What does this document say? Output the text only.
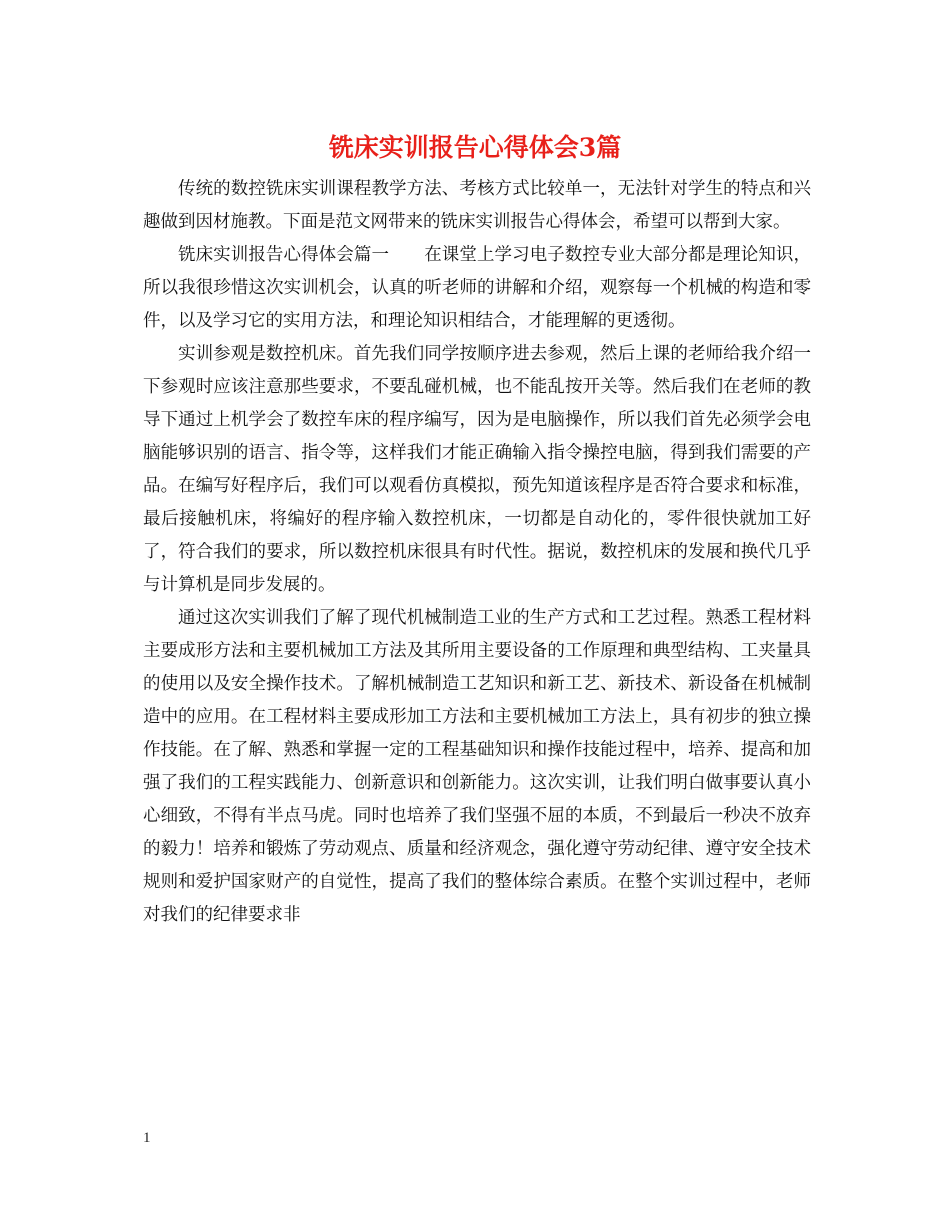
铣床实训报告心得体会3篇

传统的数控铣床实训课程教学方法、考核方式比较单一，无法针对学生的特点和兴趣做到因材施教。下面是范文网带来的铣床实训报告心得体会，希望可以帮到大家。

铣床实训报告心得体会篇一　　在课堂上学习电子数控专业大部分都是理论知识，所以我很珍惜这次实训机会，认真的听老师的讲解和介绍，观察每一个机械的构造和零件，以及学习它的实用方法，和理论知识相结合，才能理解的更透彻。

实训参观是数控机床。首先我们同学按顺序进去参观，然后上课的老师给我介绍一下参观时应该注意那些要求，不要乱碰机械，也不能乱按开关等。然后我们在老师的教导下通过上机学会了数控车床的程序编写，因为是电脑操作，所以我们首先必须学会电脑能够识别的语言、指令等，这样我们才能正确输入指令操控电脑，得到我们需要的产品。在编写好程序后，我们可以观看仿真模拟，预先知道该程序是否符合要求和标准，最后接触机床，将编好的程序输入数控机床，一切都是自动化的，零件很快就加工好了，符合我们的要求，所以数控机床很具有时代性。据说，数控机床的发展和换代几乎与计算机是同步发展的。

通过这次实训我们了解了现代机械制造工业的生产方式和工艺过程。熟悉工程材料主要成形方法和主要机械加工方法及其所用主要设备的工作原理和典型结构、工夹量具的使用以及安全操作技术。了解机械制造工艺知识和新工艺、新技术、新设备在机械制造中的应用。在工程材料主要成形加工方法和主要机械加工方法上，具有初步的独立操作技能。在了解、熟悉和掌握一定的工程基础知识和操作技能过程中，培养、提高和加强了我们的工程实践能力、创新意识和创新能力。这次实训，让我们明白做事要认真小心细致，不得有半点马虎。同时也培养了我们坚强不屈的本质，不到最后一秒决不放弃的毅力！培养和锻炼了劳动观点、质量和经济观念，强化遵守劳动纪律、遵守安全技术规则和爱护国家财产的自觉性，提高了我们的整体综合素质。在整个实训过程中，老师对我们的纪律要求非

1
